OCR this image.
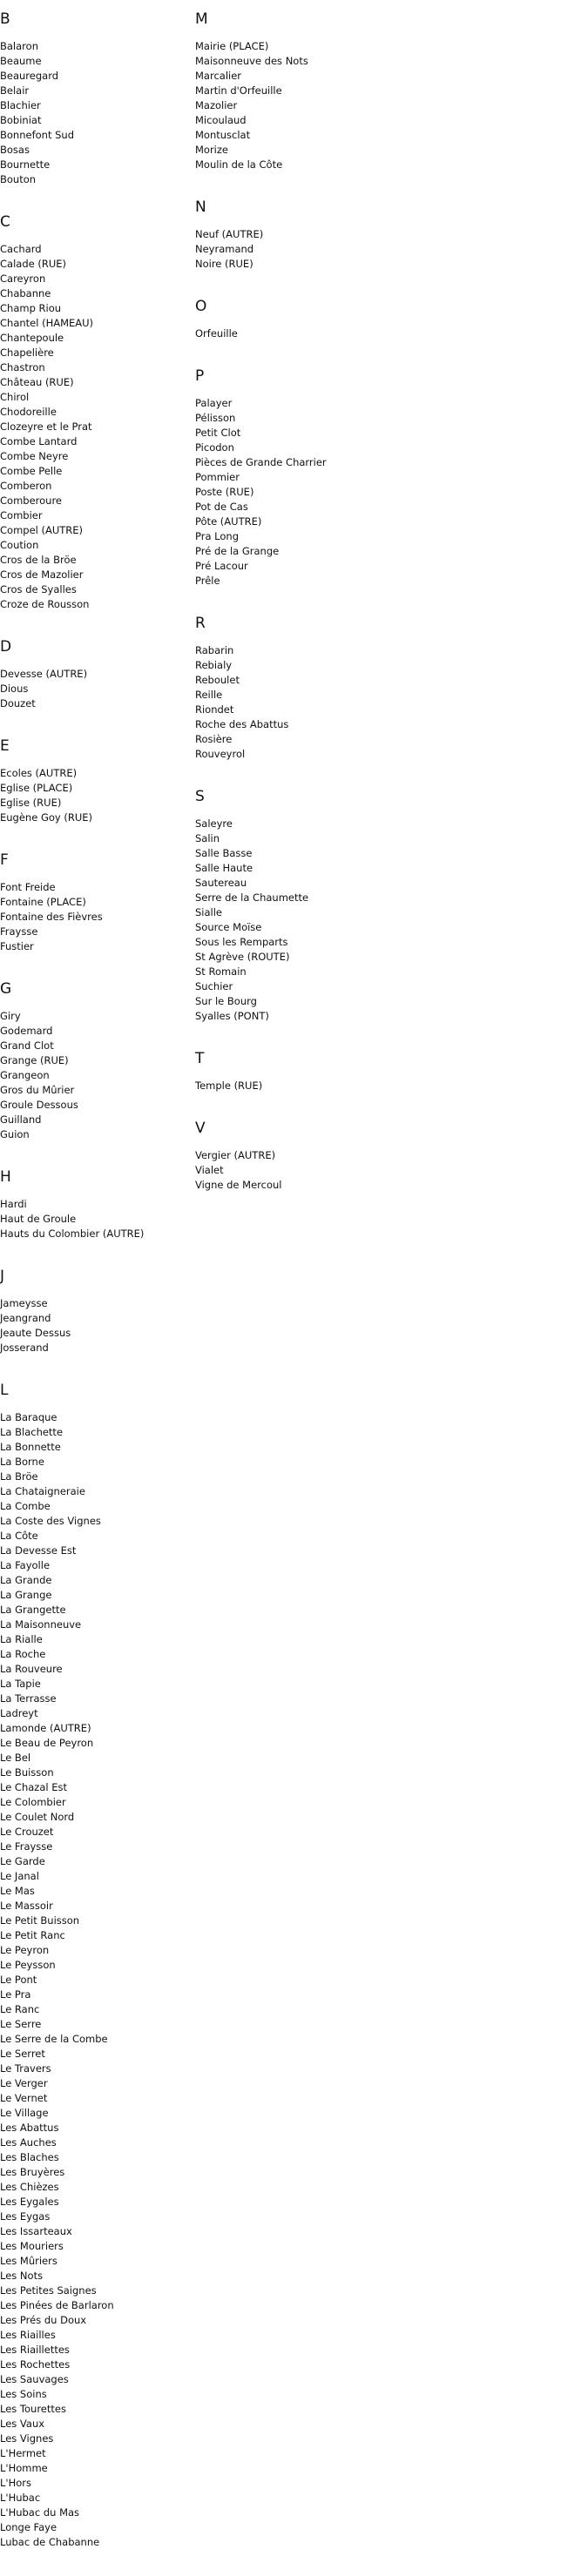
B
Balaron
Beaume
Beauregard
Belair
Blachier
Bobiniat
Bonnefont Sud
Bosas
Bournette
Bouton
C
Cachard
Calade (RUE)
Careyron
Chabanne
Champ Riou
Chantel (HAMEAU)
Chantepoule
Chapelière
Chastron
Château (RUE)
Chirol
Chodoreille
Clozeyre et le Prat
Combe Lantard
Combe Neyre
Combe Pelle
Comberon
Comberoure
Combier
Compel (AUTRE)
Coution
Cros de la Bröe
Cros de Mazolier
Cros de Syalles
Croze de Rousson
D
Devesse (AUTRE)
Dious
Douzet
E
Ecoles (AUTRE)
Eglise (PLACE)
Eglise (RUE)
Eugène Goy (RUE)
F
Font Freide
Fontaine (PLACE)
Fontaine des Fièvres
Fraysse
Fustier
G
Giry
Godemard
Grand Clot
Grange (RUE)
Grangeon
Gros du Mûrier
Groule Dessous
Guilland
Guion
H
Hardi
Haut de Groule
Hauts du Colombier (AUTRE)
J
Jameysse
Jeangrand
Jeaute Dessus
Josserand
L
La Baraque
La Blachette
La Bonnette
La Borne
La Bröe
La Chataigneraie
La Combe
La Coste des Vignes
La Côte
La Devesse Est
La Fayolle
La Grande
La Grange
La Grangette
La Maisonneuve
La Rialle
La Roche
La Rouveure
La Tapie
La Terrasse
Ladreyt
Lamonde (AUTRE)
Le Beau de Peyron
Le Bel
Le Buisson
Le Chazal Est
Le Colombier
Le Coulet Nord
Le Crouzet
Le Fraysse
Le Garde
Le Janal
Le Mas
Le Massoir
Le Petit Buisson
Le Petit Ranc
Le Peyron
Le Peysson
Le Pont
Le Pra
Le Ranc
Le Serre
Le Serre de la Combe
Le Serret
Le Travers
Le Verger
Le Vernet
Le Village
Les Abattus
Les Auches
Les Blaches
Les Bruyères
Les Chièzes
Les Eygales
Les Eygas
Les Issarteaux
Les Mouriers
Les Mûriers
Les Nots
Les Petites Saignes
Les Pinées de Barlaron
Les Prés du Doux
Les Riailles
Les Riaillettes
Les Rochettes
Les Sauvages
Les Soins
Les Tourettes
Les Vaux
Les Vignes
L'Hermet
L'Homme
L'Hors
L'Hubac
L'Hubac du Mas
Longe Faye
Lubac de Chabanne
M
Mairie (PLACE)
Maisonneuve des Nots
Marcalier
Martin d'Orfeuille
Mazolier
Micoulaud
Montusclat
Morize
Moulin de la Côte
N
Neuf (AUTRE)
Neyramand
Noire (RUE)
O
Orfeuille
P
Palayer
Pélisson
Petit Clot
Picodon
Pièces de Grande Charrier
Pommier
Poste (RUE)
Pot de Cas
Pôte (AUTRE)
Pra Long
Pré de la Grange
Pré Lacour
Prêle
R
Rabarin
Rebialy
Reboulet
Reille
Riondet
Roche des Abattus
Rosière
Rouveyrol
S
Saleyre
Salin
Salle Basse
Salle Haute
Sautereau
Serre de la Chaumette
Sialle
Source Moïse
Sous les Remparts
St Agrève (ROUTE)
St Romain
Suchier
Sur le Bourg
Syalles (PONT)
T
Temple (RUE)
V
Vergier (AUTRE)
Vialet
Vigne de Mercoul
